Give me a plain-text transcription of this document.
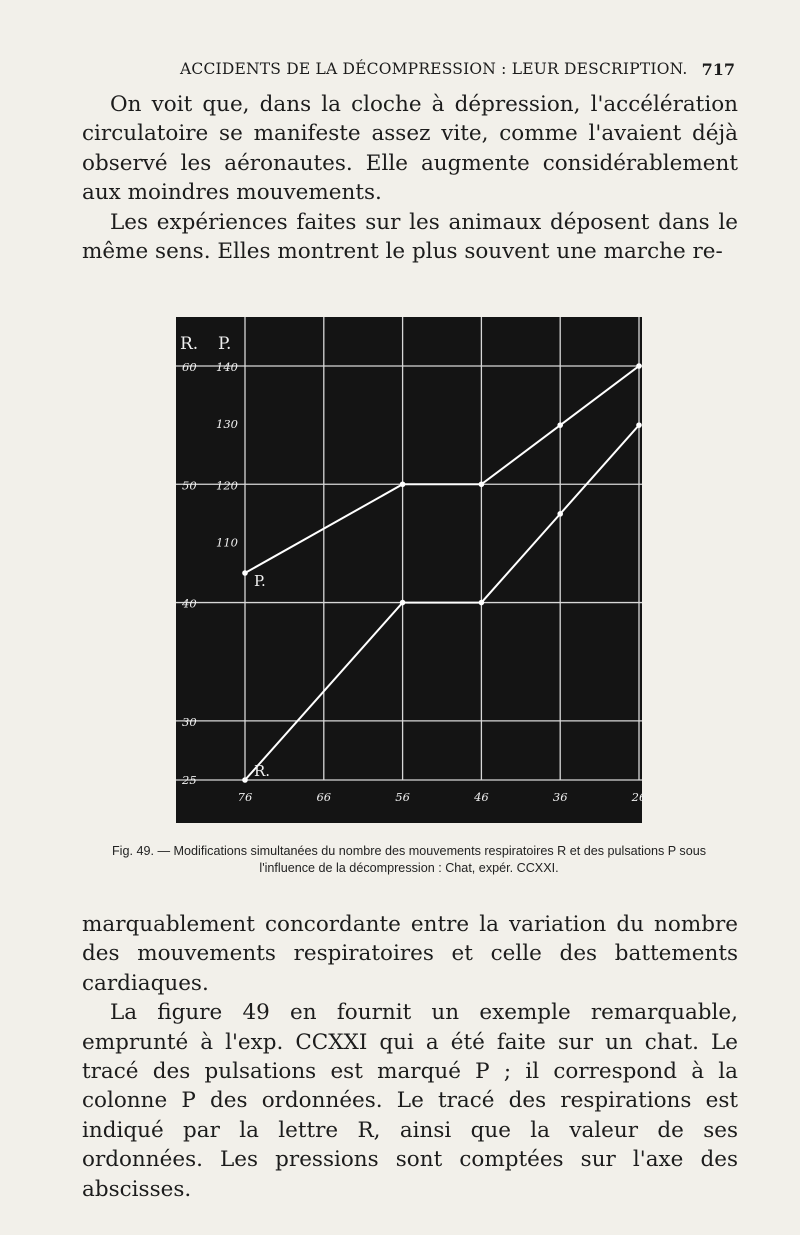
ACCIDENTS DE LA DÉCOMPRESSION : LEUR DESCRIPTION. 717

On voit que, dans la cloche à dépression, l'accélération circulatoire se manifeste assez vite, comme l'avaient déjà observé les aéronautes. Elle augmente considérablement aux moindres mouvements.

Les expériences faites sur les animaux déposent dans le même sens. Elles montrent le plus souvent une marche re-

R. P.
60
50
40
30
25
140
130
120
110
76	66	56	46	36	26
P.
R.
Fig. 49. — Modifications simultanées du nombre des mouvements respiratoires R et des pulsations P sous l'influence de la décompression : Chat, expér. CCXXI.

marquablement concordante entre la variation du nombre des mouvements respiratoires et celle des battements cardiaques.

La figure 49 en fournit un exemple remarquable, emprunté à l'exp. CCXXI qui a été faite sur un chat. Le tracé des pulsations est marqué P ; il correspond à la colonne P des ordonnées. Le tracé des respirations est indiqué par la lettre R, ainsi que la valeur de ses ordonnées. Les pressions sont comptées sur l'axe des abscisses.
